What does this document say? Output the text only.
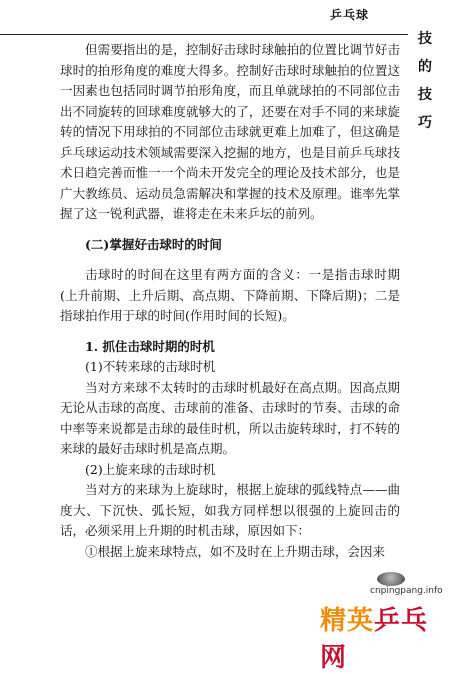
乒乓球
技
的
技
巧

但需要指出的是，控制好击球时球触拍的位置比调节好击球时的拍形角度的难度大得多。控制好击球时球触拍的位置这一因素也包括同时调节拍形角度，而且单就球拍的不同部位击出不同旋转的回球难度就够大的了，还要在对手不同的来球旋转的情况下用球拍的不同部位击球就更难上加难了，但这确是乒乓球运动技术领域需要深入挖掘的地方，也是目前乒乓球技术日趋完善而惟一一个尚未开发完全的理论及技术部分，也是广大教练员、运动员急需解决和掌握的技术及原理。谁率先掌握了这一锐利武器，谁将走在未来乒坛的前列。

(二)掌握好击球时的时间

击球时的时间在这里有两方面的含义：一是指击球时期(上升前期、上升后期、高点期、下降前期、下降后期)；二是指球拍作用于球的时间(作用时间的长短)。

1. 抓住击球时期的时机

(1)不转来球的击球时机

当对方来球不太转时的击球时机最好在高点期。因高点期无论从击球的高度、击球前的准备、击球时的节奏、击球的命中率等来说都是击球的最佳时机，所以击旋转球时，打不转的来球的最好击球时机是高点期。

(2)上旋来球的击球时机

当对方的来球为上旋球时，根据上旋球的弧线特点——曲度大、下沉快、弧长短，如我方同样想以很强的上旋回击的话，必须采用上升期的时机击球，原因如下：

①根据上旋来球特点，如不及时在上升期击球，会因来

cnpingpang.info
精英乒乓网
